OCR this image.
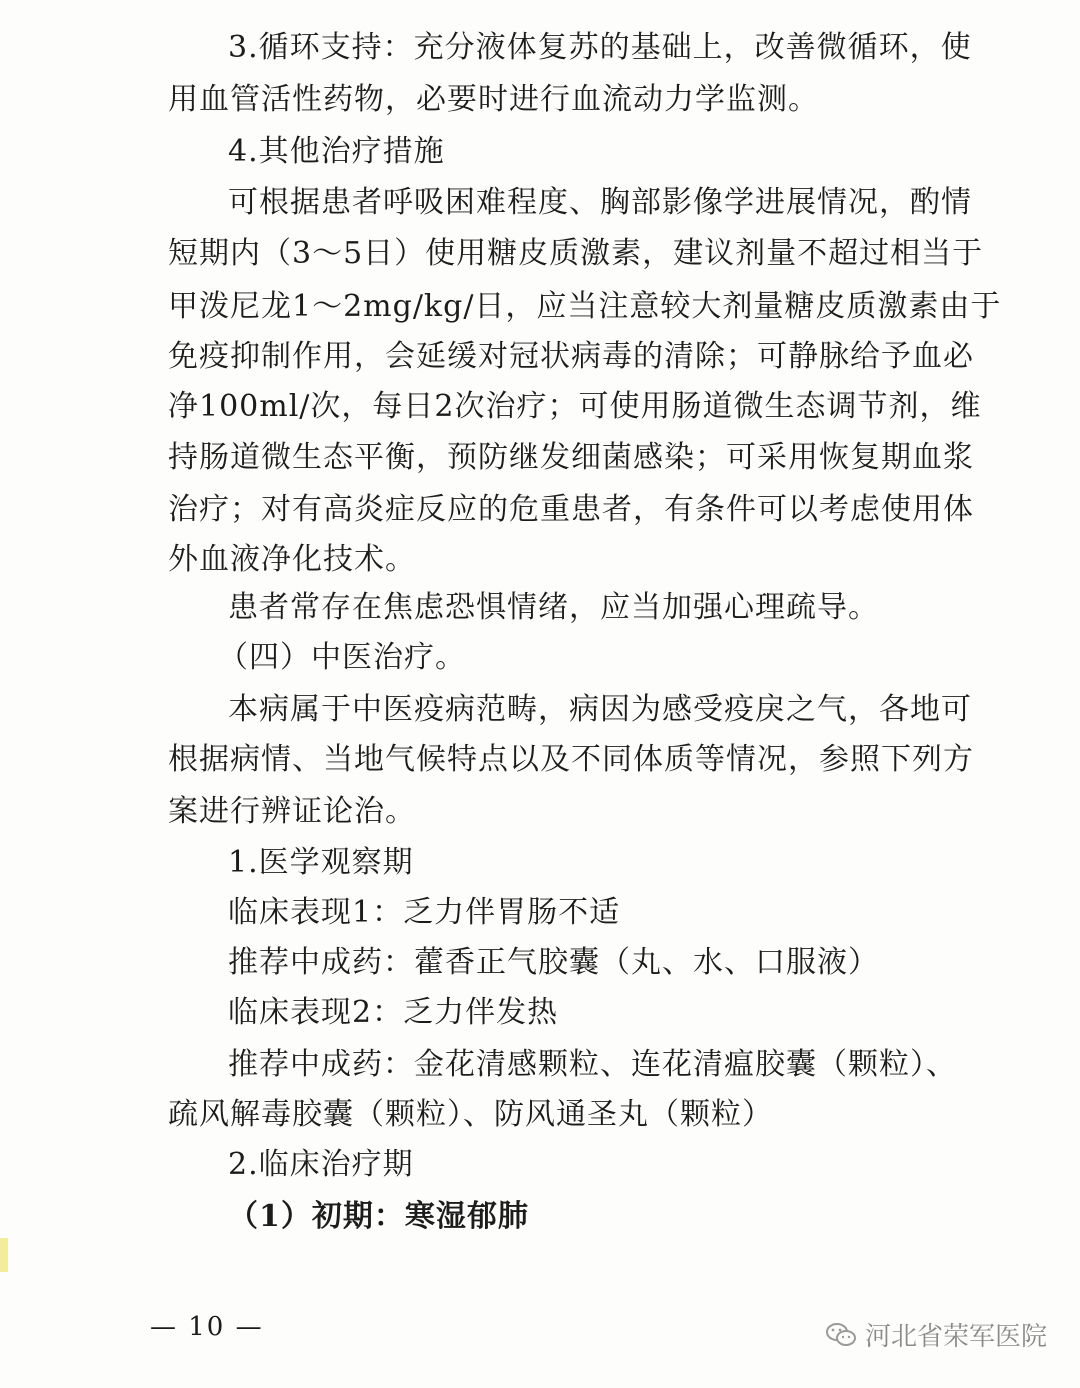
3.循环支持：充分液体复苏的基础上，改善微循环，使
用血管活性药物，必要时进行血流动力学监测。
4.其他治疗措施
可根据患者呼吸困难程度、胸部影像学进展情况，酌情
短期内（3～5日）使用糖皮质激素，建议剂量不超过相当于
甲泼尼龙1～2mg/kg/日，应当注意较大剂量糖皮质激素由于
免疫抑制作用，会延缓对冠状病毒的清除；可静脉给予血必
净100ml/次，每日2次治疗；可使用肠道微生态调节剂，维
持肠道微生态平衡，预防继发细菌感染；可采用恢复期血浆
治疗；对有高炎症反应的危重患者，有条件可以考虑使用体
外血液净化技术。
患者常存在焦虑恐惧情绪，应当加强心理疏导。
（四）中医治疗。
本病属于中医疫病范畴，病因为感受疫戾之气，各地可
根据病情、当地气候特点以及不同体质等情况，参照下列方
案进行辨证论治。
1.医学观察期
临床表现1：乏力伴胃肠不适
推荐中成药：藿香正气胶囊（丸、水、口服液）
临床表现2：乏力伴发热
推荐中成药：金花清感颗粒、连花清瘟胶囊（颗粒）、
疏风解毒胶囊（颗粒）、防风通圣丸（颗粒）
2.临床治疗期
（1）初期：寒湿郁肺
— 10 —	河北省荣军医院
